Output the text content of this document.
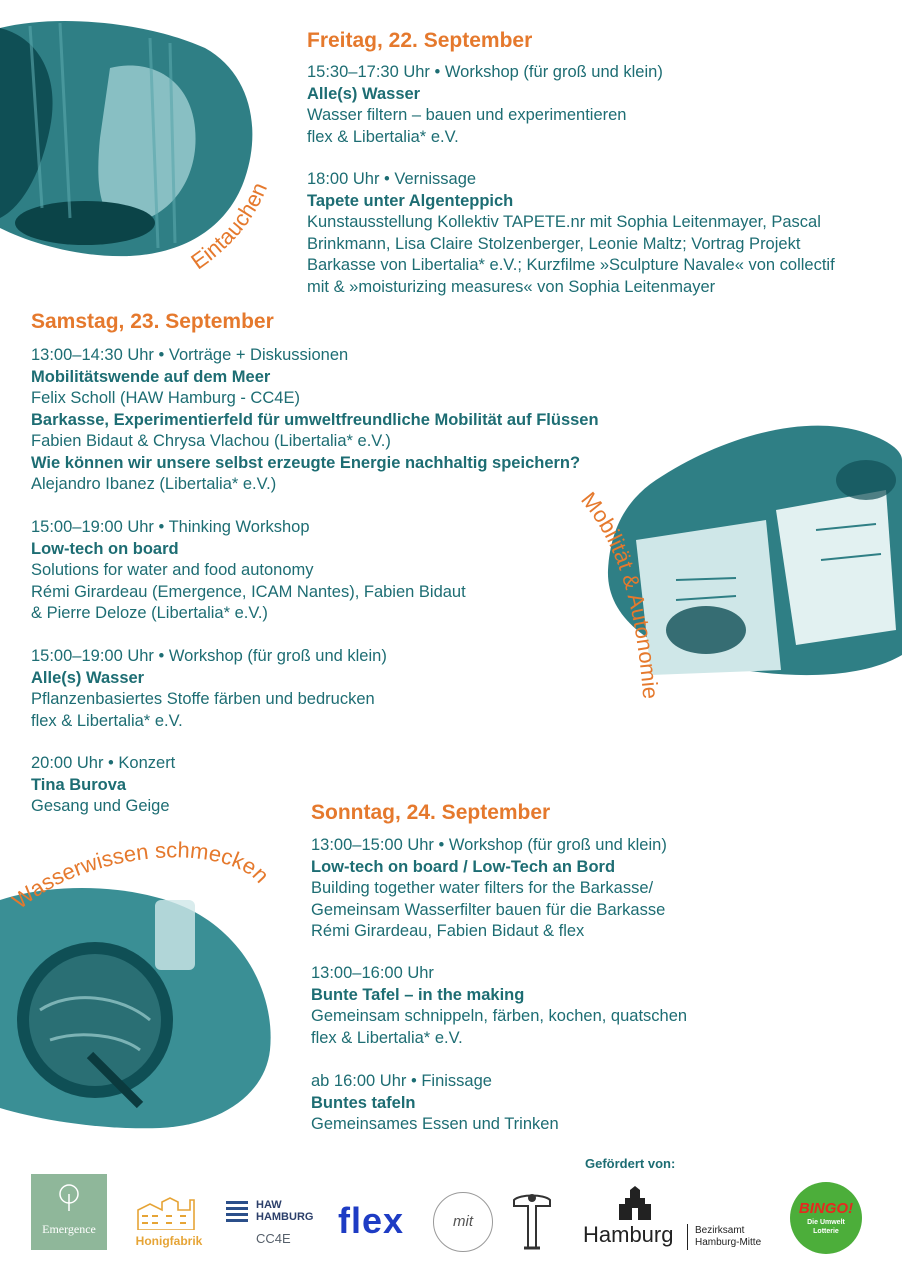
Eintauchen
Mobilität & Autonomie
Wasserwissen schmecken
Freitag, 22. September
15:30–17:30 Uhr • Workshop (für groß und klein)
Alle(s) Wasser
Wasser filtern – bauen und experimentieren
flex & Libertalia* e.V.
18:00 Uhr • Vernissage
Tapete unter Algenteppich
Kunstausstellung Kollektiv TAPETE.nr mit Sophia Leitenmayer, Pascal
Brinkmann, Lisa Claire Stolzenberger, Leonie Maltz; Vortrag Projekt
Barkasse von Libertalia* e.V.; Kurzfilme »Sculpture Navale« von collectif
mit & »moisturizing measures« von Sophia Leitenmayer
Samstag, 23. September
13:00–14:30 Uhr • Vorträge + Diskussionen
Mobilitätswende auf dem Meer
Felix Scholl (HAW Hamburg - CC4E)
Barkasse, Experimentierfeld für umweltfreundliche Mobilität auf Flüssen
Fabien Bidaut & Chrysa Vlachou (Libertalia* e.V.)
Wie können wir unsere selbst erzeugte Energie nachhaltig speichern?
Alejandro Ibanez (Libertalia* e.V.)
15:00–19:00 Uhr • Thinking Workshop
Low-tech on board
Solutions for water and food autonomy
Rémi Girardeau (Emergence, ICAM Nantes), Fabien Bidaut
& Pierre Deloze (Libertalia* e.V.)
15:00–19:00 Uhr • Workshop (für groß und klein)
Alle(s) Wasser
Pflanzenbasiertes Stoffe färben und bedrucken
flex & Libertalia* e.V.
20:00 Uhr • Konzert
Tina Burova
Gesang und Geige	Sonntag, 24. September
13:00–15:00 Uhr • Workshop (für groß und klein)
Low-tech on board / Low-Tech an Bord
Building together water filters for the Barkasse/
Gemeinsam Wasserfilter bauen für die Barkasse
Rémi Girardeau, Fabien Bidaut & flex
13:00–16:00 Uhr
Bunte Tafel – in the making
Gemeinsam schnippeln, färben, kochen, quatschen
flex & Libertalia* e.V.
ab 16:00 Uhr • Finissage
Buntes tafeln
Gemeinsames Essen und Trinken
Gefördert von:
Emergence
Honigfabrik
HAW
HAMBURG
CC4E flex	mit
Hamburg Bezirksamt
Hamburg-Mitte
BINGO!
Die Umwelt
Lotterie
